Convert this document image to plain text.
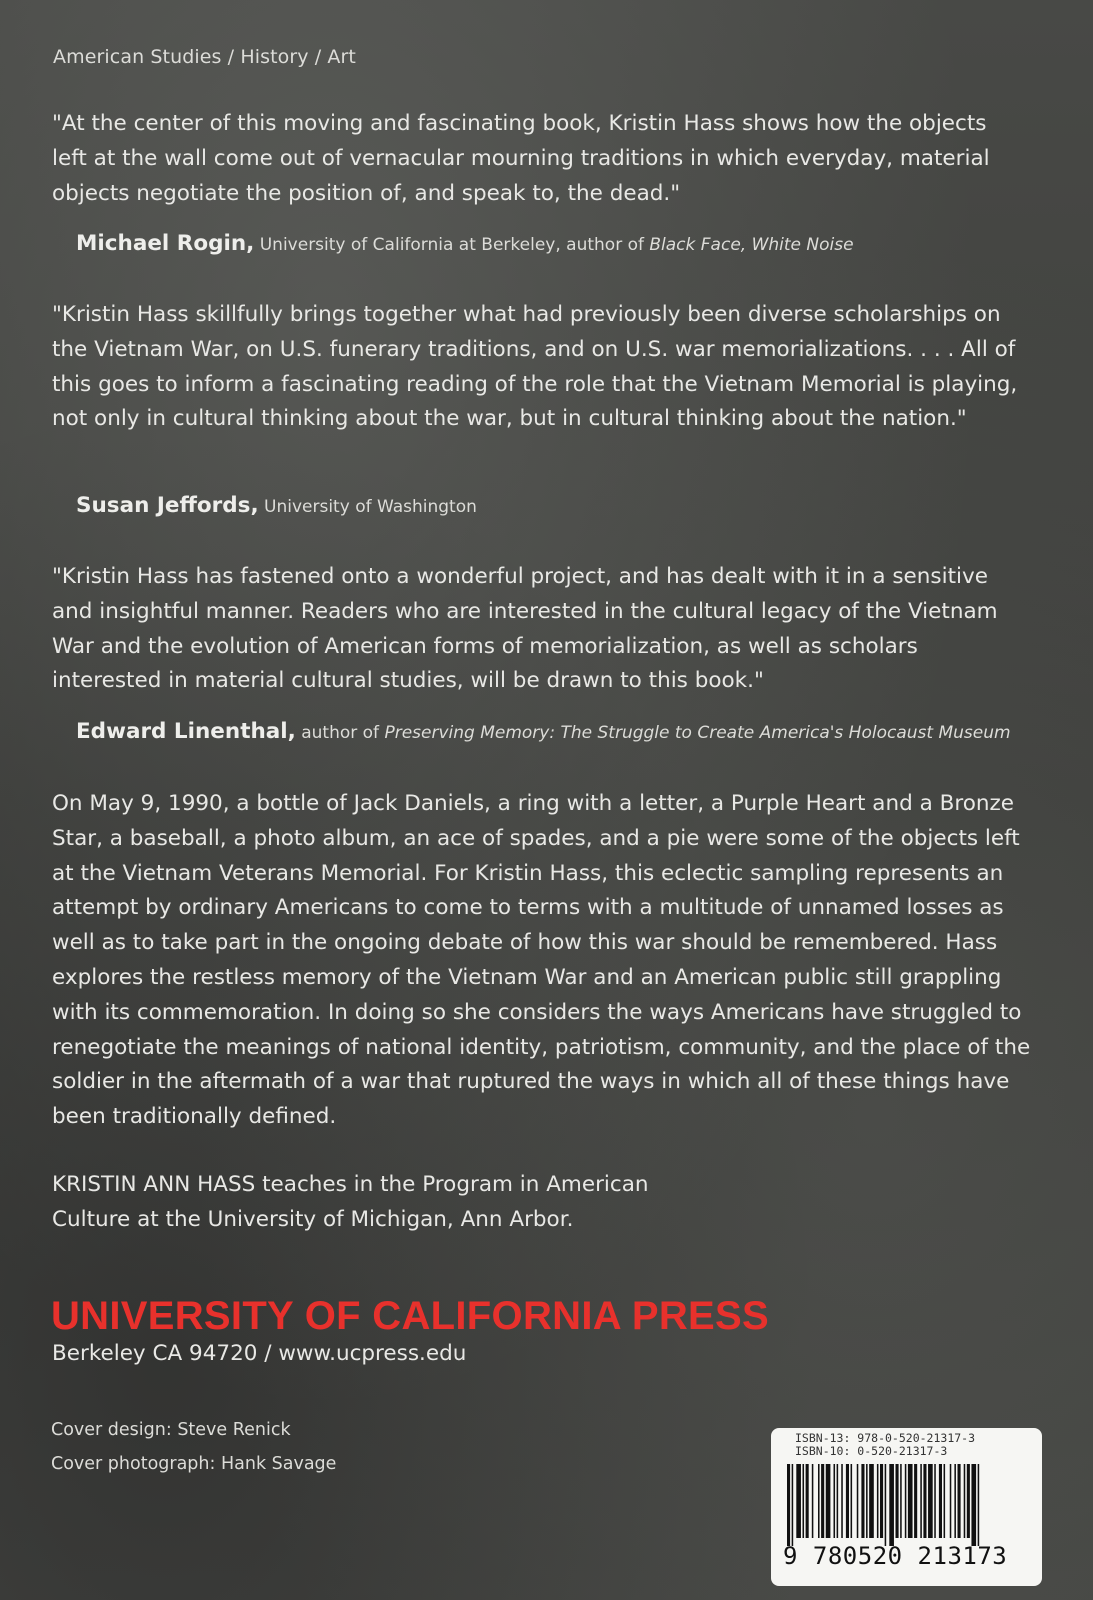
American Studies / History / Art
"At the center of this moving and fascinating book, Kristin Hass shows how the objects left at the wall come out of vernacular mourning traditions in which everyday, material objects negotiate the position of, and speak to, the dead."
Michael Rogin, University of California at Berkeley, author of Black Face, White Noise
"Kristin Hass skillfully brings together what had previously been diverse scholarships on the Vietnam War, on U.S. funerary traditions, and on U.S. war memorializations. . . . All of this goes to inform a fascinating reading of the role that the Vietnam Memorial is playing, not only in cultural thinking about the war, but in cultural thinking about the nation."
Susan Jeffords, University of Washington
"Kristin Hass has fastened onto a wonderful project, and has dealt with it in a sensitive and insightful manner. Readers who are interested in the cultural legacy of the Vietnam War and the evolution of American forms of memorialization, as well as scholars interested in material cultural studies, will be drawn to this book."
Edward Linenthal, author of Preserving Memory: The Struggle to Create America's Holocaust Museum
On May 9, 1990, a bottle of Jack Daniels, a ring with a letter, a Purple Heart and a Bronze Star, a baseball, a photo album, an ace of spades, and a pie were some of the objects left at the Vietnam Veterans Memorial. For Kristin Hass, this eclectic sampling represents an attempt by ordinary Americans to come to terms with a multitude of unnamed losses as well as to take part in the ongoing debate of how this war should be remembered. Hass explores the restless memory of the Vietnam War and an American public still grappling with its commemoration. In doing so she considers the ways Americans have struggled to renegotiate the meanings of national identity, patriotism, community, and the place of the soldier in the aftermath of a war that ruptured the ways in which all of these things have been traditionally defined.
KRISTIN ANN HASS teaches in the Program in American Culture at the University of Michigan, Ann Arbor.
UNIVERSITY OF CALIFORNIA PRESS
Berkeley CA 94720 / www.ucpress.edu
Cover design: Steve Renick
Cover photograph: Hank Savage
ISBN-13: 978-0-520-21317-3
ISBN-10: 0-520-21317-3
9 780520 213173
